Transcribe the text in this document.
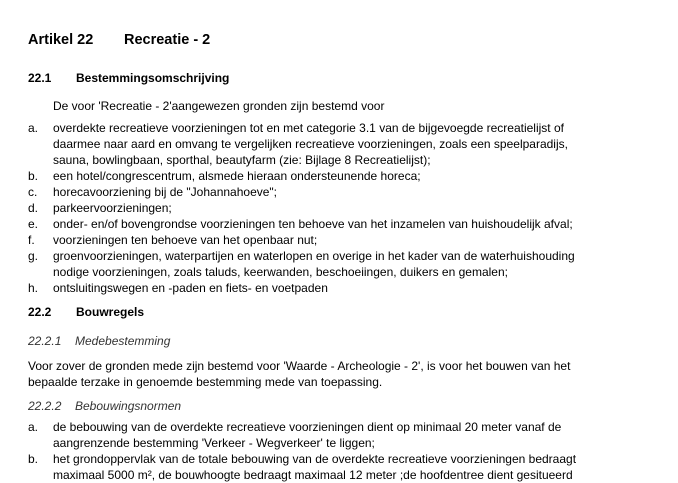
Artikel 22 Recreatie - 2
22.1 Bestemmingsomschrijving
De voor 'Recreatie - 2'aangewezen gronden zijn bestemd voor
a. overdekte recreatieve voorzieningen tot en met categorie 3.1 van de bijgevoegde recreatielijst of
daarmee naar aard en omvang te vergelijken recreatieve voorzieningen, zoals een speelparadijs,
sauna, bowlingbaan, sporthal, beautyfarm (zie: Bijlage 8 Recreatielijst);
b. een hotel/congrescentrum, alsmede hieraan ondersteunende horeca;
c. horecavoorziening bij de "Johannahoeve";
d. parkeervoorzieningen;
e. onder- en/of bovengrondse voorzieningen ten behoeve van het inzamelen van huishoudelijk afval;
f. voorzieningen ten behoeve van het openbaar nut;
g. groenvoorzieningen, waterpartijen en waterlopen en overige in het kader van de waterhuishouding
nodige voorzieningen, zoals taluds, keerwanden, beschoeiingen, duikers en gemalen;
h. ontsluitingswegen en -paden en fiets- en voetpaden
22.2 Bouwregels
22.2.1 Medebestemming
Voor zover de gronden mede zijn bestemd voor 'Waarde - Archeologie - 2', is voor het bouwen van het
bepaalde terzake in genoemde bestemming mede van toepassing.
22.2.2 Bebouwingsnormen
a. de bebouwing van de overdekte recreatieve voorzieningen dient op minimaal 20 meter vanaf de
aangrenzende bestemming 'Verkeer - Wegverkeer' te liggen;
b. het grondoppervlak van de totale bebouwing van de overdekte recreatieve voorzieningen bedraagt
maximaal 5000 m², de bouwhoogte bedraagt maximaal 12 meter ;de hoofdentree dient gesitueerd
